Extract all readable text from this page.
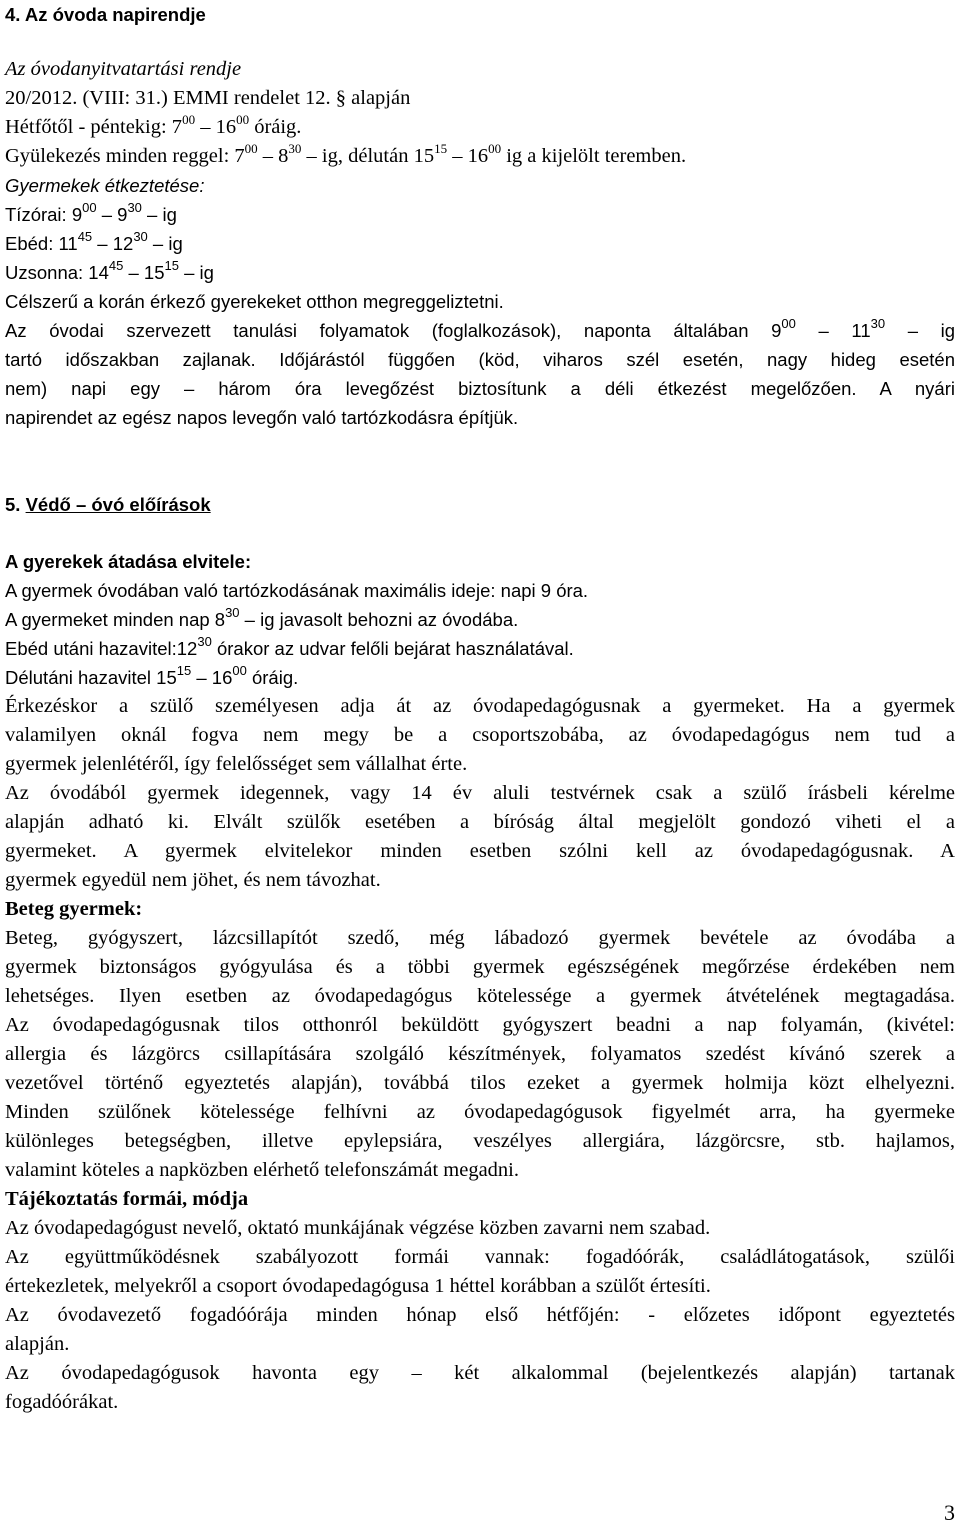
4. Az óvoda napirendje
Az óvodanyitvatartási rendje
20/2012. (VIII: 31.) EMMI rendelet 12. § alapján
Hétfőtől - péntekig: $7^{00} - 16^{00}$ óráig.
Gyülekezés minden reggel: $7^{00} - 8^{30}$ – ig, délután $15^{15} - 16^{00}$ ig a kijelölt teremben.
Gyermekek étkeztetése:
Tízórai: $9^{00} - 9^{30}$ – ig
Ebéd: $11^{45} - 12^{30}$ – ig
Uzsonna: $14^{45} - 15^{15}$ – ig
Célszerű a korán érkező gyerekeket otthon megreggeliztetni.
Az óvodai szervezett tanulási folyamatok (foglalkozások), naponta általában $9^{00} - 11^{30}$ – ig
tartó időszakban zajlanak. Időjárástól függően (köd, viharos szél esetén, nagy hideg esetén
nem) napi egy – három óra levegőzést biztosítunk a déli étkezést megelőzően. A nyári
napirendet az egész napos levegőn való tartózkodásra építjük.
5. Védő – óvó előírások
A gyerekek átadása elvitele:
A gyermek óvodában való tartózkodásának maximális ideje: napi 9 óra.
A gyermeket minden nap $8^{30}$ – ig javasolt behozni az óvodába.
Ebéd utáni $hazavitel:12^{30}$ órakor az udvar felőli bejárat használatával.
Délutáni hazavitel $15^{15} - 16^{00}$ óráig.
Érkezéskor a szülő személyesen adja át az óvodapedagógusnak a gyermeket. Ha a gyermek
valamilyen oknál fogva nem megy be a csoportszobába, az óvodapedagógus nem tud a
gyermek jelenlétéről, így felelősséget sem vállalhat érte.
Az óvodából gyermek idegennek, vagy 14 év aluli testvérnek csak a szülő írásbeli kérelme
alapján adható ki. Elvált szülők esetében a bíróság által megjelölt gondozó viheti el a
gyermeket. A gyermek elvitelekor minden esetben szólni kell az óvodapedagógusnak. A
gyermek egyedül nem jöhet, és nem távozhat.
Beteg gyermek:
Beteg, gyógyszert, lázcsillapítót szedő, még lábadozó gyermek bevétele az óvodába a
gyermek biztonságos gyógyulása és a többi gyermek egészségének megőrzése érdekében nem
lehetséges. Ilyen esetben az óvodapedagógus kötelessége a gyermek átvételének megtagadása.
Az óvodapedagógusnak tilos otthonról beküldött gyógyszert beadni a nap folyamán, (kivétel:
allergia és lázgörcs csillapítására szolgáló készítmények, folyamatos szedést kívánó szerek a
vezetővel történő egyeztetés alapján), továbbá tilos ezeket a gyermek holmija közt elhelyezni.
Minden szülőnek kötelessége felhívni az óvodapedagógusok figyelmét arra, ha gyermeke
különleges betegségben, illetve epylepsiára, veszélyes allergiára, lázgörcsre, stb. hajlamos,
valamint köteles a napközben elérhető telefonszámát megadni.
Tájékoztatás formái, módja
Az óvodapedagógust nevelő, oktató munkájának végzése közben zavarni nem szabad.
Az együttműködésnek szabályozott formái vannak: fogadóórák, családlátogatások, szülői
értekezletek, melyekről a csoport óvodapedagógusa 1 héttel korábban a szülőt értesíti.
Az óvodavezető fogadóórája minden hónap első hétfőjén: - előzetes időpont egyeztetés
alapján.
Az óvodapedagógusok havonta egy – két alkalommal (bejelentkezés alapján) tartanak
fogadóórákat.
3
